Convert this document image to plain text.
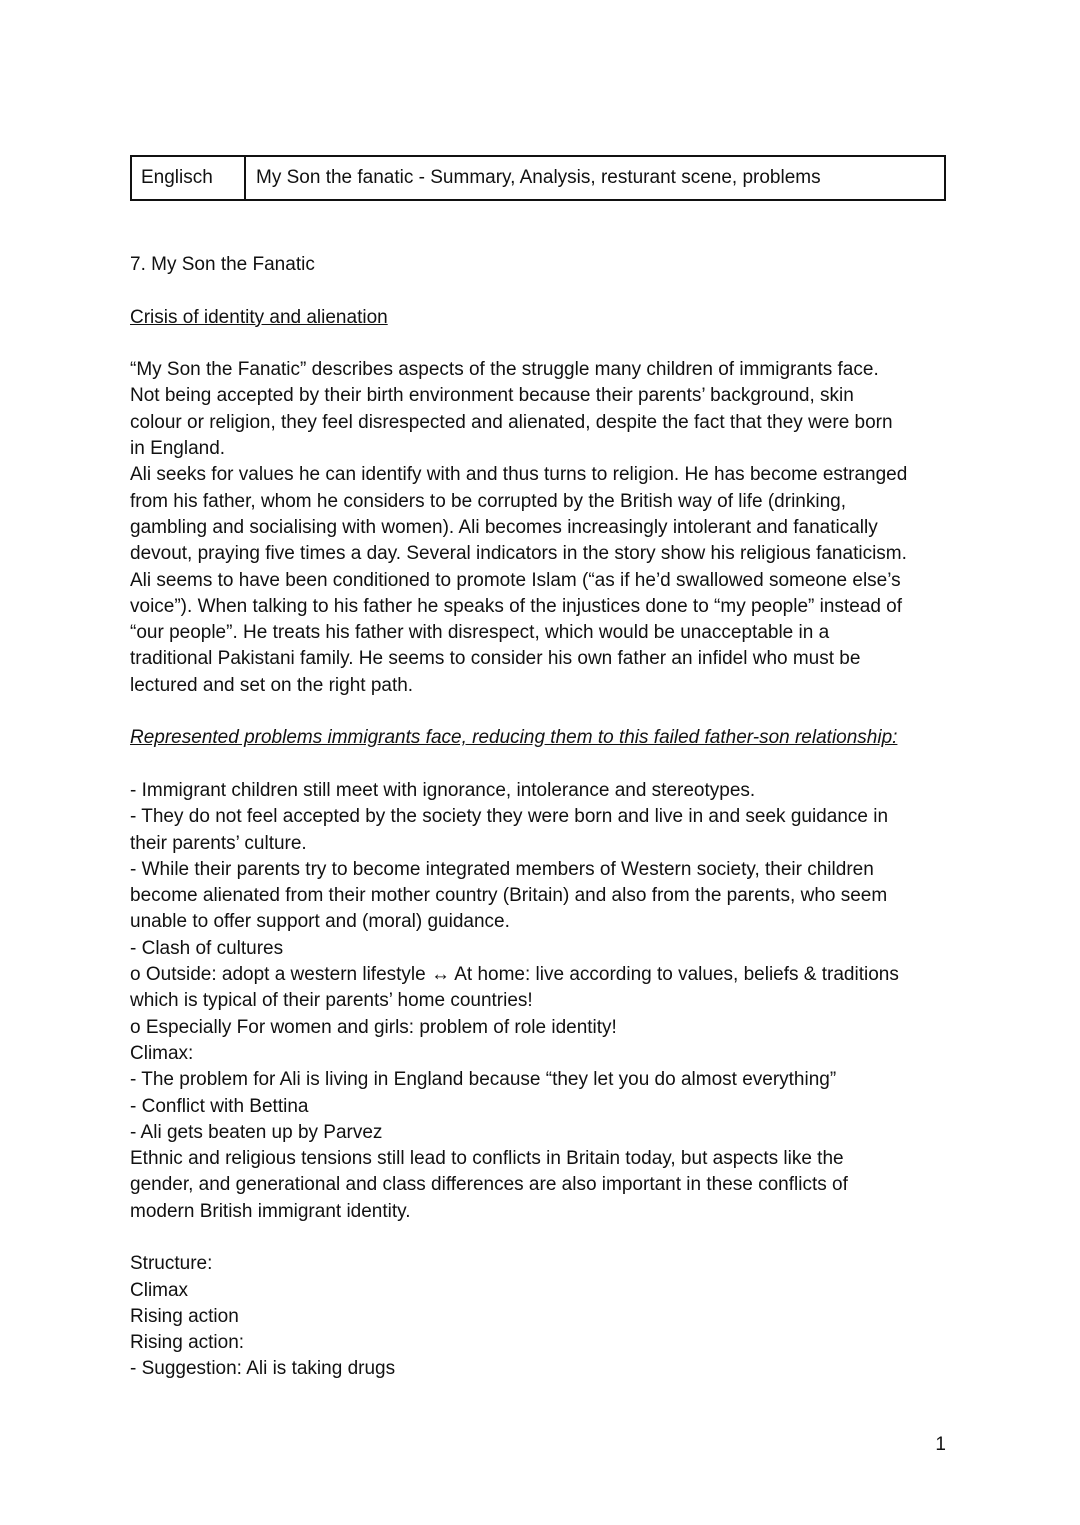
Englisch	My Son the fanatic - Summary, Analysis, resturant scene, problems

7. My Son the Fanatic

Crisis of identity and alienation

“My Son the Fanatic” describes aspects of the struggle many children of immigrants face.

Not being accepted by their birth environment because their parents’ background, skin

colour or religion, they feel disrespected and alienated, despite the fact that they were born

in England.

Ali seeks for values he can identify with and thus turns to religion. He has become estranged

from his father, whom he considers to be corrupted by the British way of life (drinking,

gambling and socialising with women). Ali becomes increasingly intolerant and fanatically

devout, praying five times a day. Several indicators in the story show his religious fanaticism.

Ali seems to have been conditioned to promote Islam (“as if he’d swallowed someone else’s

voice”). When talking to his father he speaks of the injustices done to “my people” instead of

“our people”. He treats his father with disrespect, which would be unacceptable in a

traditional Pakistani family. He seems to consider his own father an infidel who must be

lectured and set on the right path.

Represented problems immigrants face, reducing them to this failed father-son relationship:

- Immigrant children still meet with ignorance, intolerance and stereotypes.

- They do not feel accepted by the society they were born and live in and seek guidance in

their parents’ culture.

- While their parents try to become integrated members of Western society, their children

become alienated from their mother country (Britain) and also from the parents, who seem

unable to offer support and (moral) guidance.

- Clash of cultures

o Outside: adopt a western lifestyle ↔ At home: live according to values, beliefs & traditions

which is typical of their parents’ home countries!

o Especially For women and girls: problem of role identity!

Climax:

- The problem for Ali is living in England because “they let you do almost everything”

- Conflict with Bettina

- Ali gets beaten up by Parvez

Ethnic and religious tensions still lead to conflicts in Britain today, but aspects like the

gender, and generational and class differences are also important in these conflicts of

modern British immigrant identity.

Structure:

Climax

Rising action

Rising action:

- Suggestion: Ali is taking drugs

1
